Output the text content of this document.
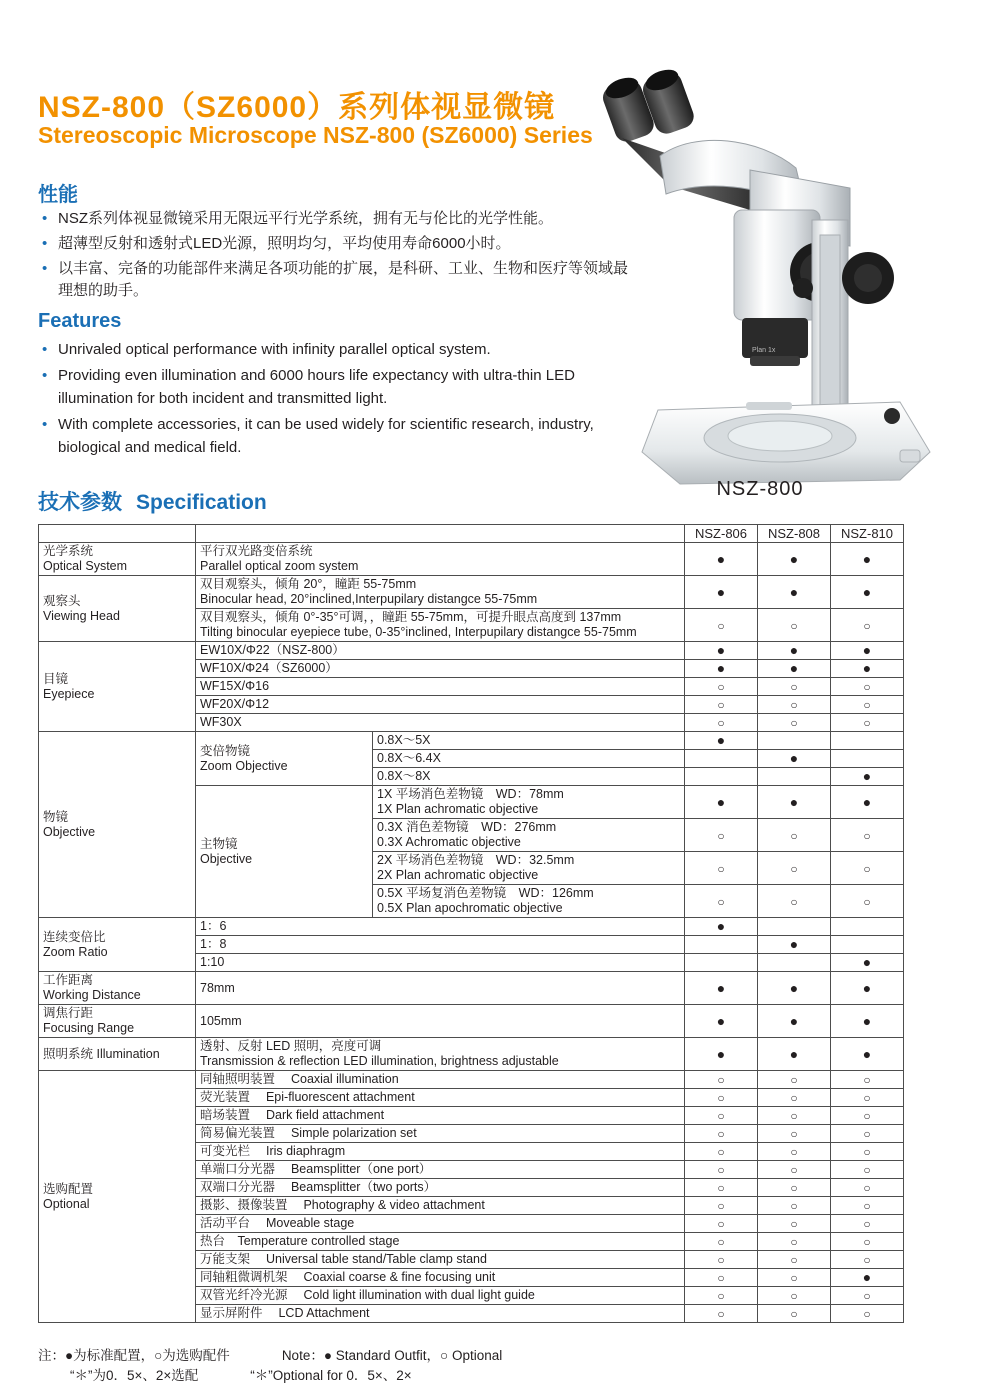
NSZ-800（SZ6000）系列体视显微镜
Stereoscopic Microscope NSZ-800 (SZ6000) Series
性能
• NSZ系列体视显微镜采用无限远平行光学系统，拥有无与伦比的光学性能。
• 超薄型反射和透射式LED光源，照明均匀，平均使用寿命6000小时。
• 以丰富、完备的功能部件来满足各项功能的扩展，是科研、工业、生物和医疗等领域最理想的助手。
Features
• Unrivaled optical performance with infinity parallel optical system.
• Providing even illumination and 6000 hours life expectancy with ultra-thin LED illumination for both incident and transmitted light.
• With complete accessories, it can be used widely for scientific research, industry, biological and medical field.
Plan 1x
NSZ-800
技术参数 Specification
			NSZ-806	NSZ-808	NSZ-810
光学系统
Optical System	平行双光路变倍系统
Parallel optical zoom system		●	●	●
观察头
Viewing Head	双目观察头，倾角 20°，瞳距 55-75mm
Binocular head, 20°inclined,Interpupilary distangce 55-75mm		●	●	●
	双目观察头，倾角 0°-35°可调，，瞳距 55-75mm，可提升眼点高度到 137mm
Tilting binocular eyepiece tube, 0-35°inclined, Interpupilary distangce 55-75mm		○	○	○
目镜
Eyepiece	EW10X/Φ22（NSZ-800）		●	●	●
	WF10X/Φ24（SZ6000）		●	●	●
	WF15X/Φ16		○	○	○
	WF20X/Φ12		○	○	○
	WF30X		○	○	○
物镜
Objective	变倍物镜
Zoom Objective	0.8X～5X	●		
		0.8X～6.4X		●	
		0.8X～8X			●
	主物镜
Objective	1X 平场消色差物镜　WD：78mm
1X Plan achromatic objective	●	●	●
		0.3X 消色差物镜　WD：276mm
0.3X Achromatic objective	○	○	○
		2X 平场消色差物镜　WD：32.5mm
2X Plan achromatic objective	○	○	○
		0.5X 平场复消色差物镜　WD：126mm
0.5X Plan apochromatic objective	○	○	○
连续变倍比
Zoom Ratio	1：6		●		
	1：8			●	
	1:10				●
工作距离
Working Distance	78mm		●	●	●
调焦行距
Focusing Range	105mm		●	●	●
照明系统 Illumination	透射、反射 LED 照明，亮度可调
Transmission & reflection LED illumination, brightness adjustable		●	●	●
选购配置
Optional	同轴照明装置　 Coaxial illumination		○	○	○
	荧光装置　 Epi-fluorescent attachment		○	○	○
	暗场装置　 Dark field attachment		○	○	○
	简易偏光装置　 Simple polarization set		○	○	○
	可变光栏　 Iris diaphragm		○	○	○
	单端口分光器　 Beamsplitter（one port）		○	○	○
	双端口分光器　 Beamsplitter（two ports）		○	○	○
	摄影、摄像装置　 Photography & video attachment		○	○	○
	活动平台　 Moveable stage		○	○	○
	热台　Temperature controlled stage		○	○	○
	万能支架　 Universal table stand/Table clamp stand		○	○	○
	同轴粗微调机架　 Coaxial coarse & fine focusing unit		○	○	●
	双管光纤冷光源　 Cold light illumination with dual light guide		○	○	○
	显示屏附件　 LCD Attachment		○	○	○
注：●为标准配置，○为选购配件	Note：● Standard Outfit，○ Optional
“＊”为0．5×、2×选配	“＊”Optional for 0．5×、2×
